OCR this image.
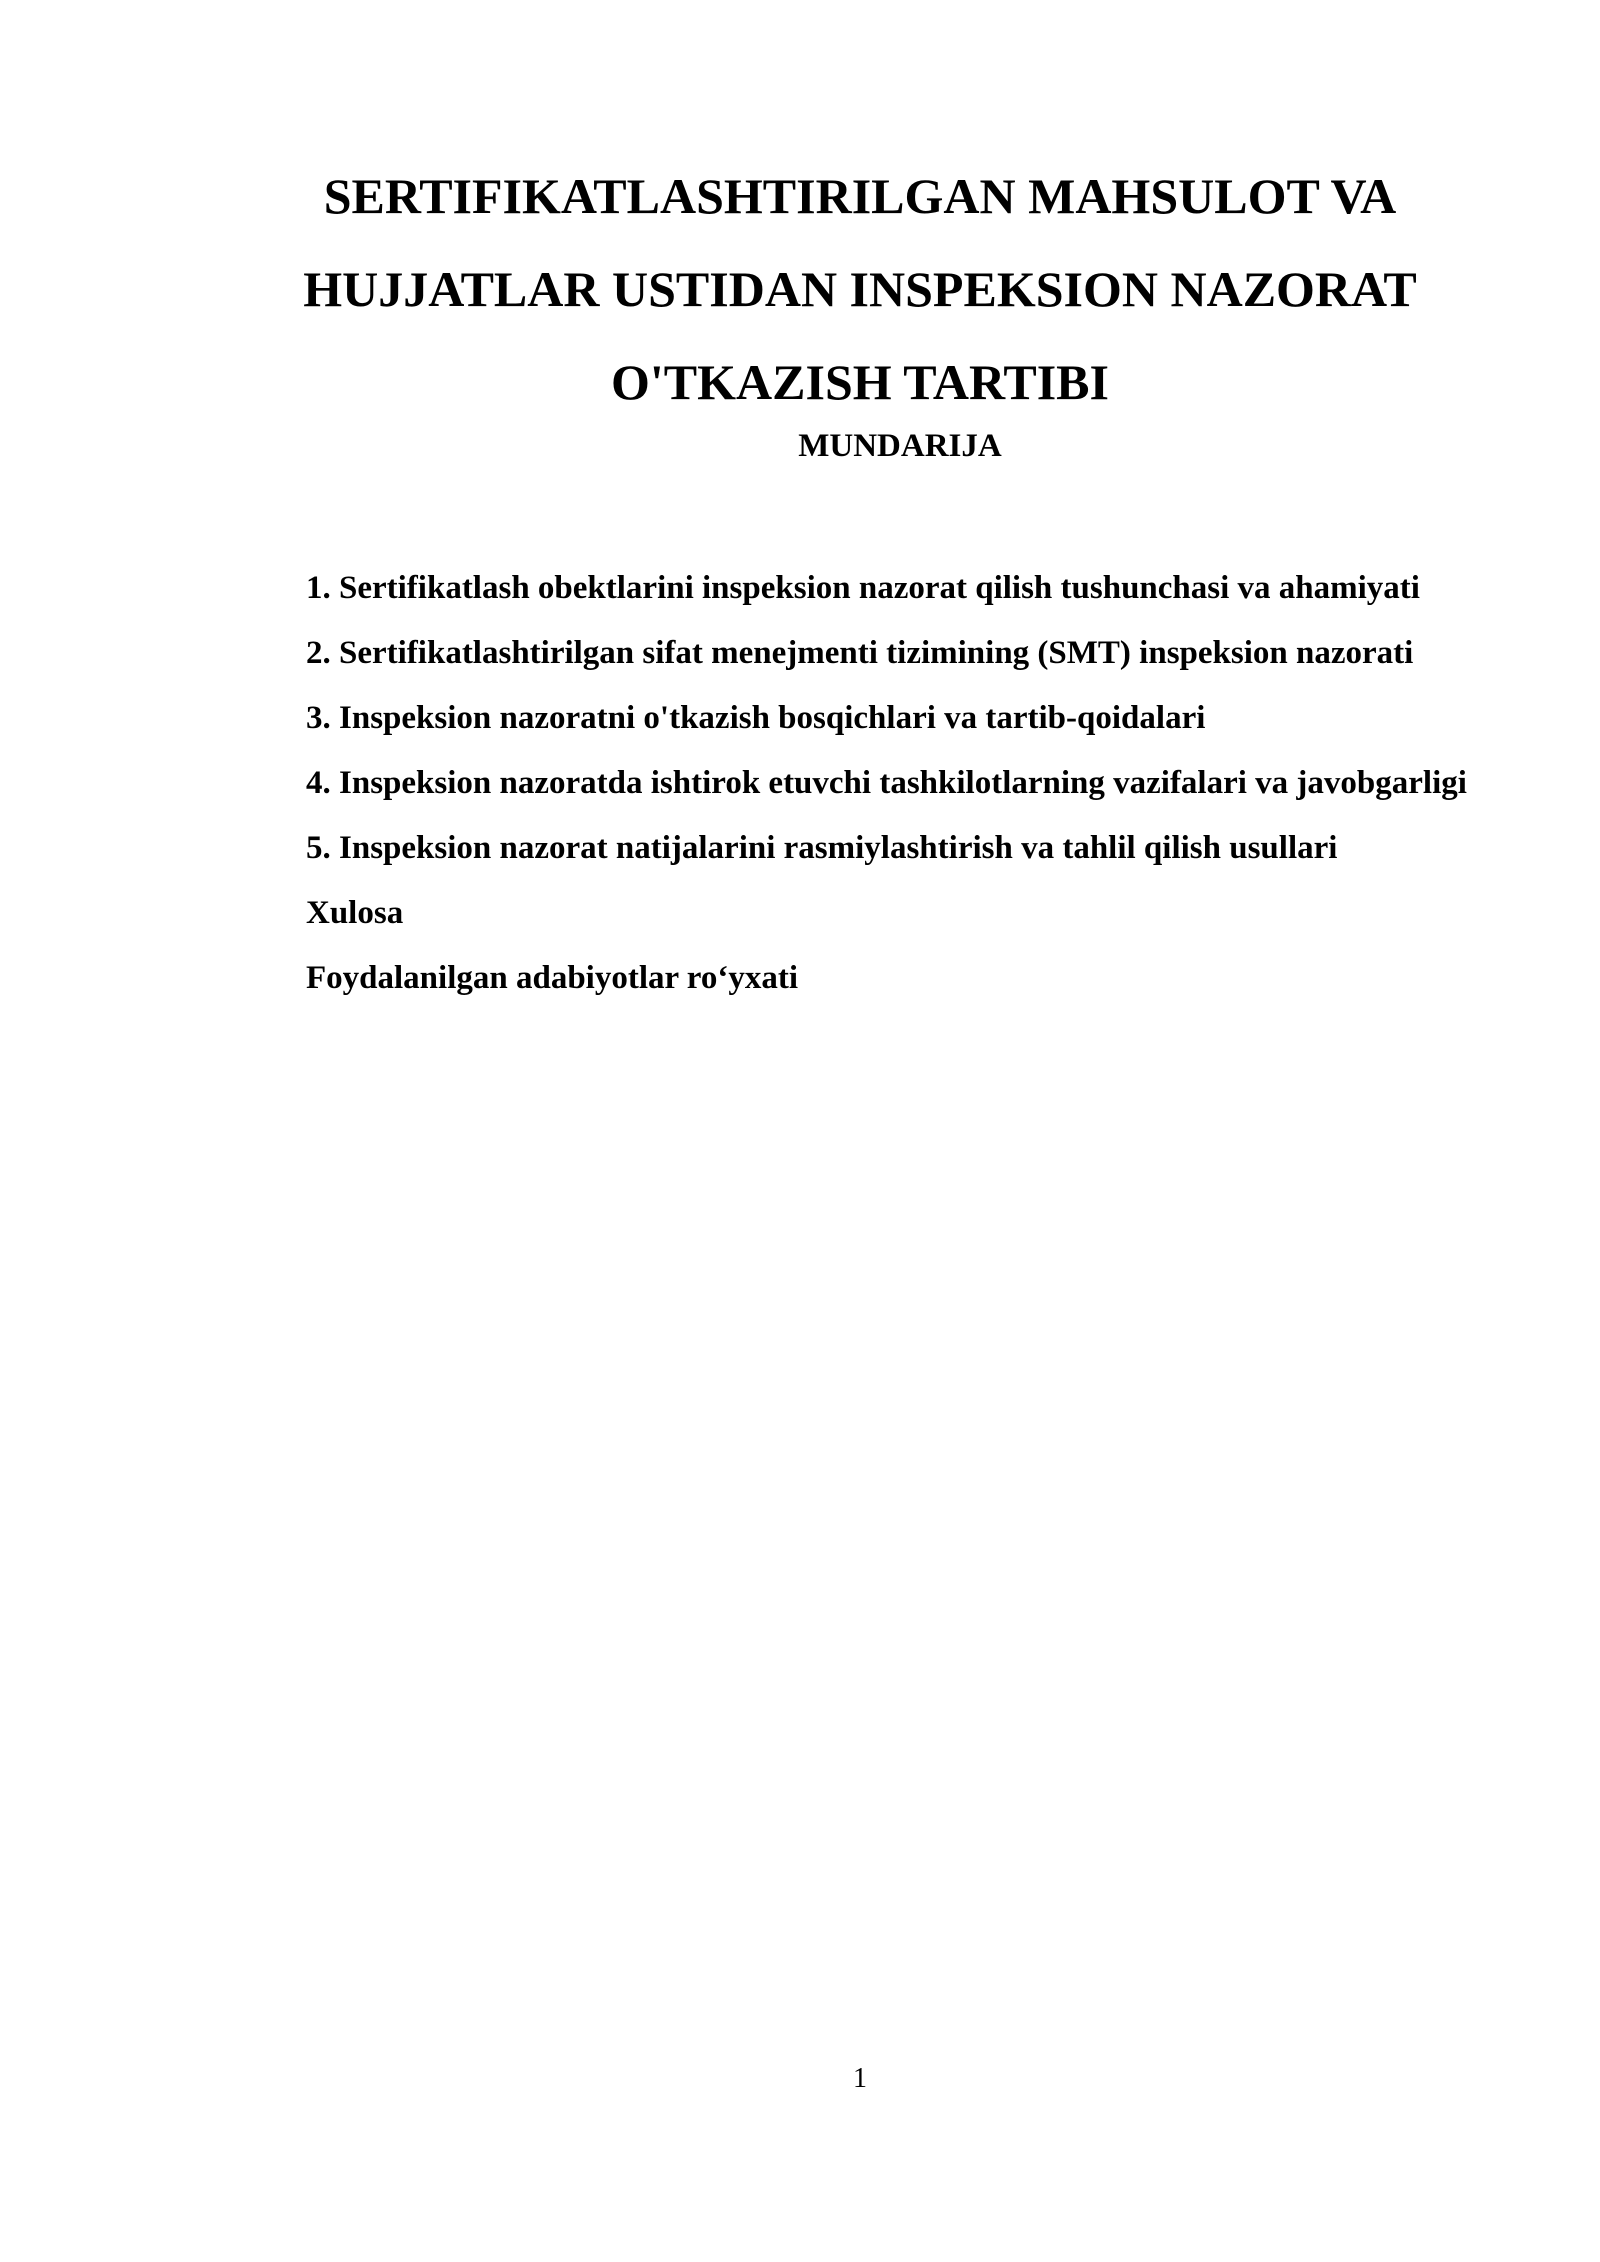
SERTIFIKATLASHTIRILGAN MAHSULOT VA
HUJJATLAR USTIDAN INSPEKSION NAZORAT
O'TKAZISH TARTIBI
MUNDARIJA
1. Sertifikatlash obektlarini inspeksion nazorat qilish tushunchasi va ahamiyati
2. Sertifikatlashtirilgan sifat menejmenti tizimining (SMT) inspeksion nazorati
3. Inspeksion nazoratni o'tkazish bosqichlari va tartib-qoidalari
4. Inspeksion nazoratda ishtirok etuvchi tashkilotlarning vazifalari va javobgarligi
5. Inspeksion nazorat natijalarini rasmiylashtirish va tahlil qilish usullari
Xulosa
Foydalanilgan adabiyotlar ro‘yxati
1
